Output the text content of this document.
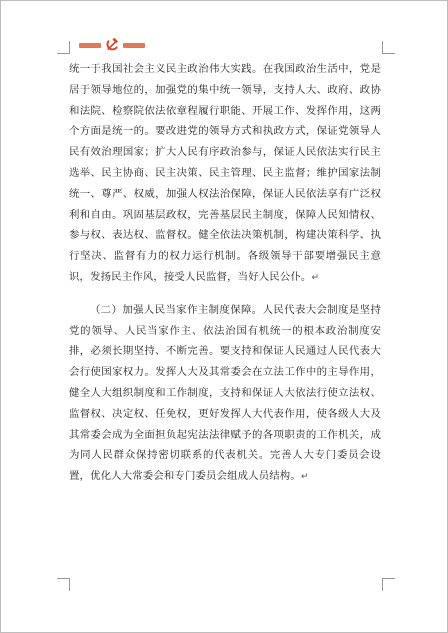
统一于我国社会主义民主政治伟大实践。在我国政治生活中，党是居于领导地位的，加强党的集中统一领导，支持人大、政府、政协和法院、检察院依法依章程履行职能、开展工作、发挥作用，这两个方面是统一的。要改进党的领导方式和执政方式，保证党领导人民有效治理国家；扩大人民有序政治参与，保证人民依法实行民主选举、民主协商、民主决策、民主管理、民主监督；维护国家法制统一、尊严、权威，加强人权法治保障，保证人民依法享有广泛权利和自由。巩固基层政权，完善基层民主制度，保障人民知情权、参与权、表达权、监督权。健全依法决策机制，构建决策科学、执行坚决、监督有力的权力运行机制。各级领导干部要增强民主意识，发扬民主作风，接受人民监督，当好人民公仆。↵

（二）加强人民当家作主制度保障。人民代表大会制度是坚持党的领导、人民当家作主、依法治国有机统一的根本政治制度安排，必须长期坚持、不断完善。要支持和保证人民通过人民代表大会行使国家权力。发挥人大及其常委会在立法工作中的主导作用，健全人大组织制度和工作制度，支持和保证人大依法行使立法权、监督权、决定权、任免权，更好发挥人大代表作用，使各级人大及其常委会成为全面担负起宪法法律赋予的各项职责的工作机关，成为同人民群众保持密切联系的代表机关。完善人大专门委员会设置，优化人大常委会和专门委员会组成人员结构。↵
